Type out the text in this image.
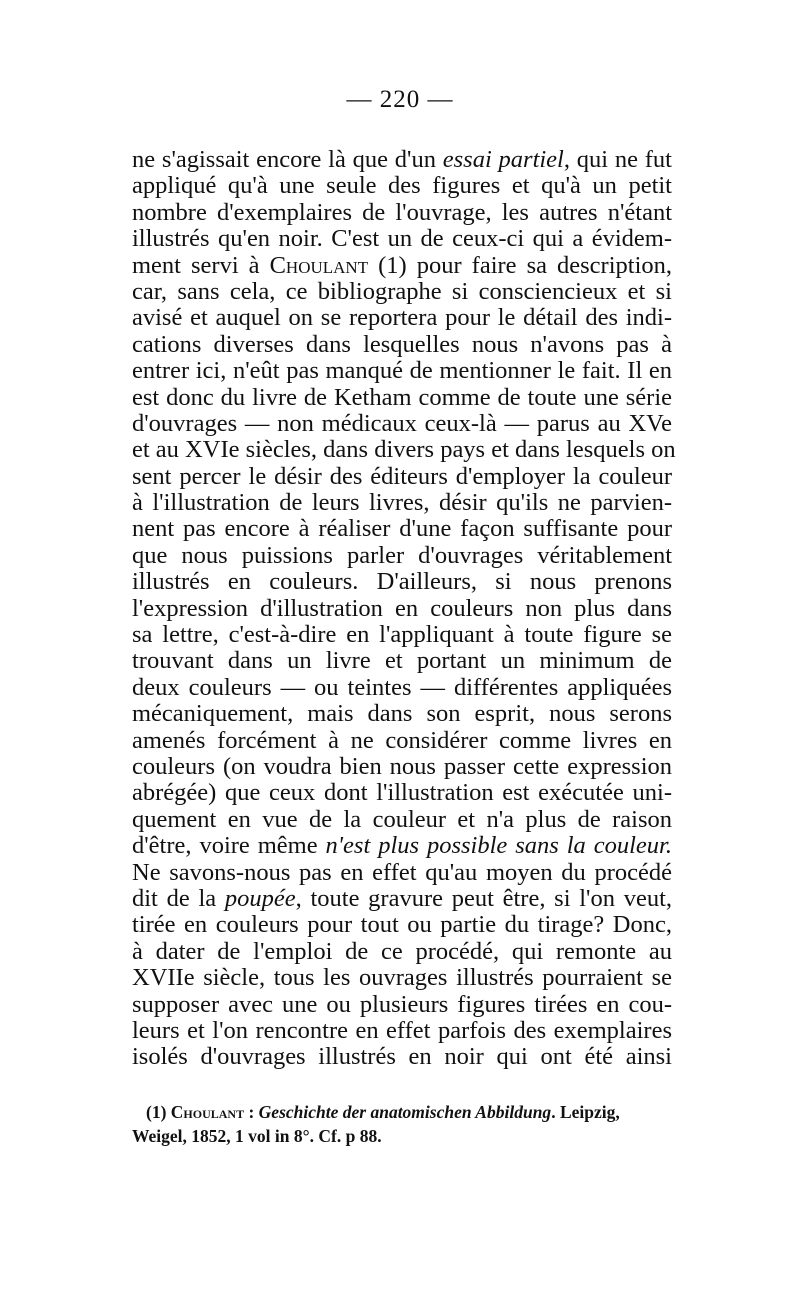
— 220 —
ne s'agissait encore là que d'un essai partiel, qui ne fut
appliqué qu'à une seule des figures et qu'à un petit
nombre d'exemplaires de l'ouvrage, les autres n'étant
illustrés qu'en noir. C'est un de ceux-ci qui a évidem-
ment servi à Choulant (1) pour faire sa description,
car, sans cela, ce bibliographe si consciencieux et si
avisé et auquel on se reportera pour le détail des indi-
cations diverses dans lesquelles nous n'avons pas à
entrer ici, n'eût pas manqué de mentionner le fait. Il en
est donc du livre de Ketham comme de toute une série
d'ouvrages — non médicaux ceux-là — parus au XVe
et au XVIe siècles, dans divers pays et dans lesquels on
sent percer le désir des éditeurs d'employer la couleur
à l'illustration de leurs livres, désir qu'ils ne parvien-
nent pas encore à réaliser d'une façon suffisante pour
que nous puissions parler d'ouvrages véritablement
illustrés en couleurs. D'ailleurs, si nous prenons
l'expression d'illustration en couleurs non plus dans
sa lettre, c'est-à-dire en l'appliquant à toute figure se
trouvant dans un livre et portant un minimum de
deux couleurs — ou teintes — différentes appliquées
mécaniquement, mais dans son esprit, nous serons
amenés forcément à ne considérer comme livres en
couleurs (on voudra bien nous passer cette expression
abrégée) que ceux dont l'illustration est exécutée uni-
quement en vue de la couleur et n'a plus de raison
d'être, voire même n'est plus possible sans la couleur.
Ne savons-nous pas en effet qu'au moyen du procédé
dit de la poupée, toute gravure peut être, si l'on veut,
tirée en couleurs pour tout ou partie du tirage? Donc,
à dater de l'emploi de ce procédé, qui remonte au
XVIIe siècle, tous les ouvrages illustrés pourraient se
supposer avec une ou plusieurs figures tirées en cou-
leurs et l'on rencontre en effet parfois des exemplaires
isolés d'ouvrages illustrés en noir qui ont été ainsi
(1) Choulant : Geschichte der anatomischen Abbildung. Leipzig,
Weigel, 1852, 1 vol in 8°. Cf. p 88.
